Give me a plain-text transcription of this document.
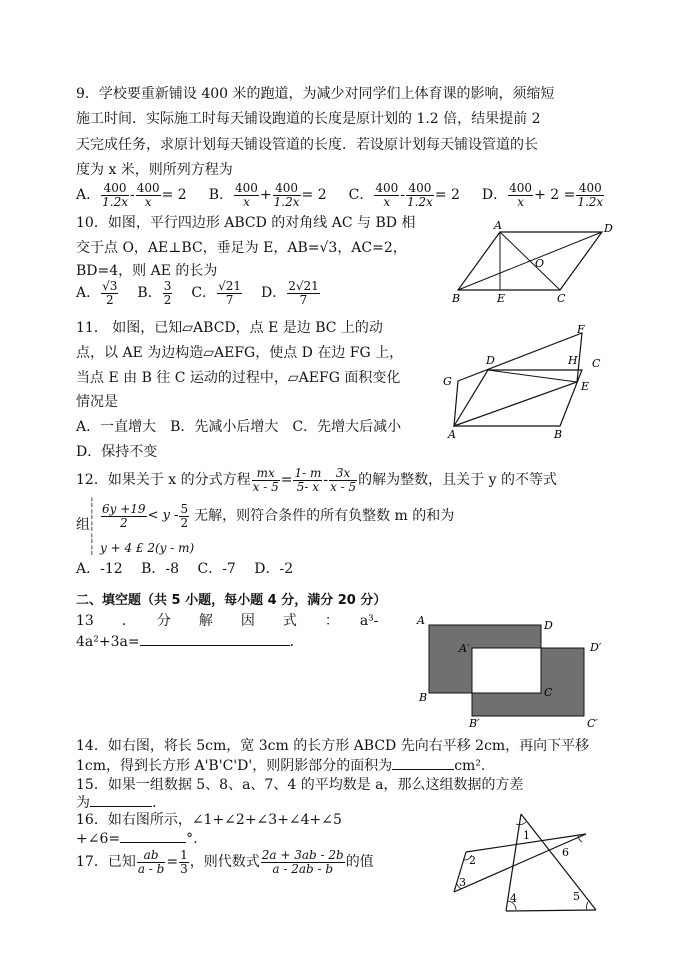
9．学校要重新铺设 400 米的跑道，为减少对同学们上体育课的影响，须缩短
施工时间．实际施工时每天铺设跑道的长度是原计划的 1.2 倍，结果提前 2
天完成任务，求原计划每天铺设管道的长度．若设原计划每天铺设管道的长
度为 x 米，则所列方程为
A． $\frac{400}{1.2x} - \frac{400}{x} = 2$ B． $\frac{400}{x} + \frac{400}{1.2x} = 2$ C． $\frac{400}{x} - \frac{400}{1.2x} = 2$ D． $\frac{400}{x} + 2 = \frac{400}{1.2x}$
10．如图，平行四边形 ABCD 的对角线 AC 与 BD 相
交于点 O，AE⊥BC，垂足为 E，AB=√3，AC=2，
BD=4，则 AE 的长为
A． $\frac{√3}{2}$ B． $\frac{3}{2}$ C． $\frac{√21}{7}$ D． $\frac{2√21}{7}$
A	D
B	E	C
O
11． 如图，已知▱ABCD，点 E 是边 BC 上的动
点，以 AE 为边构造▱AEFG，使点 D 在边 FG 上，
当点 E 由 B 往 C 运动的过程中，▱AEFG 面积变化
情况是
A．一直增大 B．先减小后增大 C．先增大后减小
D．保持不变
F
H C
D
G	E
A	B
12．如果关于 x 的分式方程 $\frac{mx}{x - 5} = \frac{1- m}{5- x} - \frac{3x}{x - 5}$ 的解为整数，且关于 y 的不等式
组
¦
¦
¦
¦
¦
$\frac{6y +19}{2} < y - \frac{5}{2}$ 无解，则符合条件的所有负整数 m 的和为
y + 4 £ 2(y - m)
A．-12　 B．-8　 C．-7　 D．-2
二、填空题（共 5 小题，每小题 4 分，满分 20 分）
13　　．　　分　　解　　因　　式　　：　　a³-
4a²+3a=	.
A	D
A′	D′
B	C
B′	C′
14．如右图，将长 5cm，宽 3cm 的长方形 ABCD 先向右平移 2cm，再向下平移
1cm，得到长方形 A'B'C'D'，则阴影部分的面积为	cm².
15．如果一组数据 5、8、a、7、4 的平均数是 a，那么这组数据的方差
为	.
16．如右图所示，∠1+∠2+∠3+∠4+∠5
+∠6=	°.	1
2
3
4	5
6
17．已知 $\frac{ab}{a - b} = \frac{1}{3}$ ，则代数式 $\frac{2a + 3ab - 2b}{a - 2ab - b}$ 的值
